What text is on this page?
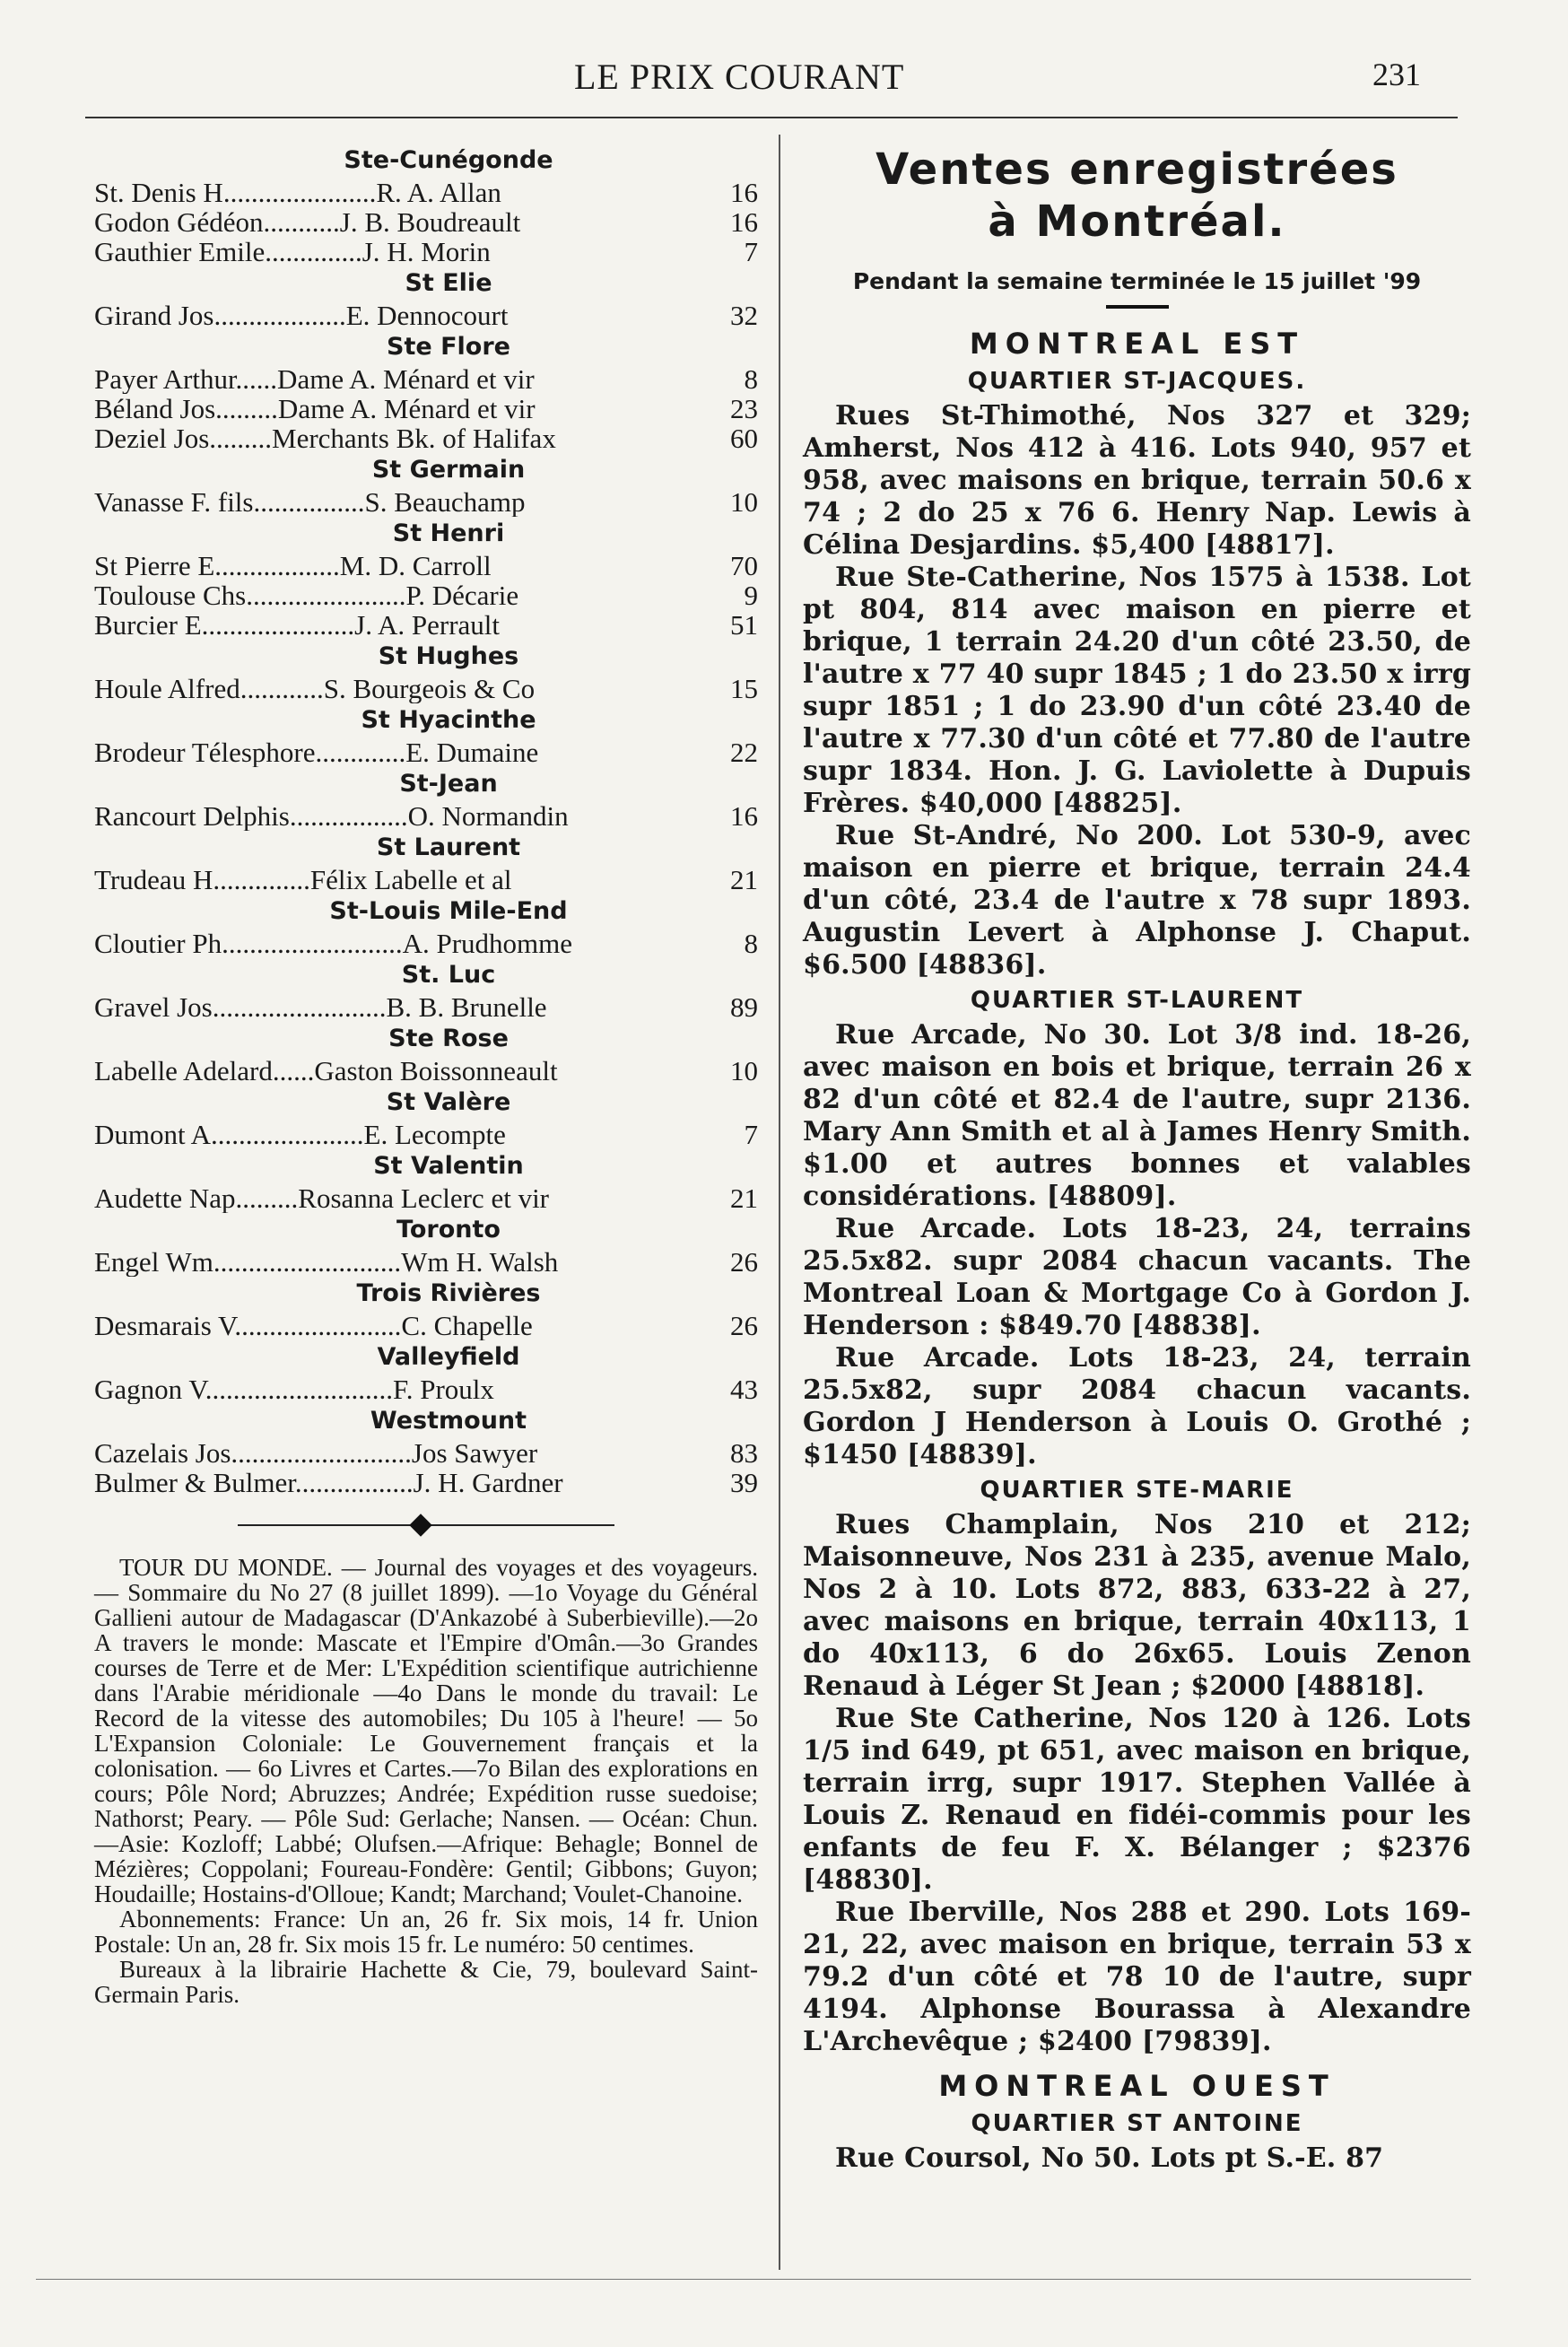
LE PRIX COURANT	231
Ste-Cunégonde
St. Denis H......................R. A. Allan	16
Godon Gédéon...........J. B. Boudreault	16
Gauthier Emile..............J. H. Morin	7
St Elie
Girand Jos...................E. Dennocourt	32
Ste Flore
Payer Arthur......Dame A. Ménard et vir	8
Béland Jos.........Dame A. Ménard et vir	23
Deziel Jos.........Merchants Bk. of Halifax	60
St Germain
Vanasse F. fils................S. Beauchamp	10
St Henri
St Pierre E..................M. D. Carroll	70
Toulouse Chs.......................P. Décarie	9
Burcier E......................J. A. Perrault	51
St Hughes
Houle Alfred............S. Bourgeois & Co	15
St Hyacinthe
Brodeur Télesphore.............E. Dumaine	22
St-Jean
Rancourt Delphis.................O. Normandin	16
St Laurent
Trudeau H..............Félix Labelle et al	21
St-Louis Mile-End
Cloutier Ph..........................A. Prudhomme	8
St. Luc
Gravel Jos.........................B. B. Brunelle	89
Ste Rose
Labelle Adelard......Gaston Boissonneault	10
St Valère
Dumont A......................E. Lecompte	7
St Valentin
Audette Nap.........Rosanna Leclerc et vir	21
Toronto
Engel Wm...........................Wm H. Walsh	26
Trois Rivières
Desmarais V........................C. Chapelle	26
Valleyfield
Gagnon V...........................F. Proulx	43
Westmount
Cazelais Jos..........................Jos Sawyer	83
Bulmer & Bulmer.................J. H. Gardner	39

TOUR DU MONDE. — Journal des voyages et des voyageurs. — Sommaire du No 27 (8 juillet 1899). —1o Voyage du Général Gallieni autour de Madagascar (D'Ankazobé à Suberbieville).—2o A travers le monde: Mascate et l'Empire d'Omân.—3o Grandes courses de Terre et de Mer: L'Expédition scientifique autrichienne dans l'Arabie méridionale —4o Dans le monde du travail: Le Record de la vitesse des automobiles; Du 105 à l'heure! — 5o L'Expansion Coloniale: Le Gouvernement français et la colonisation. — 6o Livres et Cartes.—7o Bilan des explorations en cours; Pôle Nord; Abruzzes; Andrée; Expédition russe suedoise; Nathorst; Peary. — Pôle Sud: Gerlache; Nansen. — Océan: Chun.—Asie: Kozloff; Labbé; Olufsen.—Afrique: Behagle; Bonnel de Mézières; Coppolani; Foureau-Fondère: Gentil; Gibbons; Guyon; Houdaille; Hostains-d'Olloue; Kandt; Marchand; Voulet-Chanoine.

Abonnements: France: Un an, 26 fr. Six mois, 14 fr. Union Postale: Un an, 28 fr. Six mois 15 fr. Le numéro: 50 centimes.

Bureaux à la librairie Hachette & Cie, 79, boulevard Saint-Germain Paris.

Ventes enregistrées
à Montréal.
Pendant la semaine terminée le 15 juillet '99
MONTREAL EST
QUARTIER ST-JACQUES.

Rues St-Thimothé, Nos 327 et 329; Amherst, Nos 412 à 416. Lots 940, 957 et 958, avec maisons en brique, terrain 50.6 x 74 ; 2 do 25 x 76 6. Henry Nap. Lewis à Célina Desjardins. $5,400 [48817].

Rue Ste-Catherine, Nos 1575 à 1538. Lot pt 804, 814 avec maison en pierre et brique, 1 terrain 24.20 d'un côté 23.50, de l'autre x 77 40 supr 1845 ; 1 do 23.50 x irrg supr 1851 ; 1 do 23.90 d'un côté 23.40 de l'autre x 77.30 d'un côté et 77.80 de l'autre supr 1834. Hon. J. G. Laviolette à Dupuis Frères. $40,000 [48825].

Rue St-André, No 200. Lot 530-9, avec maison en pierre et brique, terrain 24.4 d'un côté, 23.4 de l'autre x 78 supr 1893. Augustin Levert à Alphonse J. Chaput. $6.500 [48836].

QUARTIER ST-LAURENT

Rue Arcade, No 30. Lot 3/8 ind. 18-26, avec maison en bois et brique, terrain 26 x 82 d'un côté et 82.4 de l'autre, supr 2136. Mary Ann Smith et al à James Henry Smith. $1.00 et autres bonnes et valables considérations. [48809].

Rue Arcade. Lots 18-23, 24, terrains 25.5x82. supr 2084 chacun vacants. The Montreal Loan & Mortgage Co à Gordon J. Henderson : $849.70 [48838].

Rue Arcade. Lots 18-23, 24, terrain 25.5x82, supr 2084 chacun vacants. Gordon J Henderson à Louis O. Grothé ; $1450 [48839].

QUARTIER STE-MARIE

Rues Champlain, Nos 210 et 212; Maisonneuve, Nos 231 à 235, avenue Malo, Nos 2 à 10. Lots 872, 883, 633-22 à 27, avec maisons en brique, terrain 40x113, 1 do 40x113, 6 do 26x65. Louis Zenon Renaud à Léger St Jean ; $2000 [48818].

Rue Ste Catherine, Nos 120 à 126. Lots 1/5 ind 649, pt 651, avec maison en brique, terrain irrg, supr 1917. Stephen Vallée à Louis Z. Renaud en fidéi-commis pour les enfants de feu F. X. Bélanger ; $2376 [48830].

Rue Iberville, Nos 288 et 290. Lots 169-21, 22, avec maison en brique, terrain 53 x 79.2 d'un côté et 78 10 de l'autre, supr 4194. Alphonse Bourassa à Alexandre L'Archevêque ; $2400 [79839].

MONTREAL OUEST
QUARTIER ST ANTOINE

Rue Coursol, No 50. Lots pt S.-E. 87
